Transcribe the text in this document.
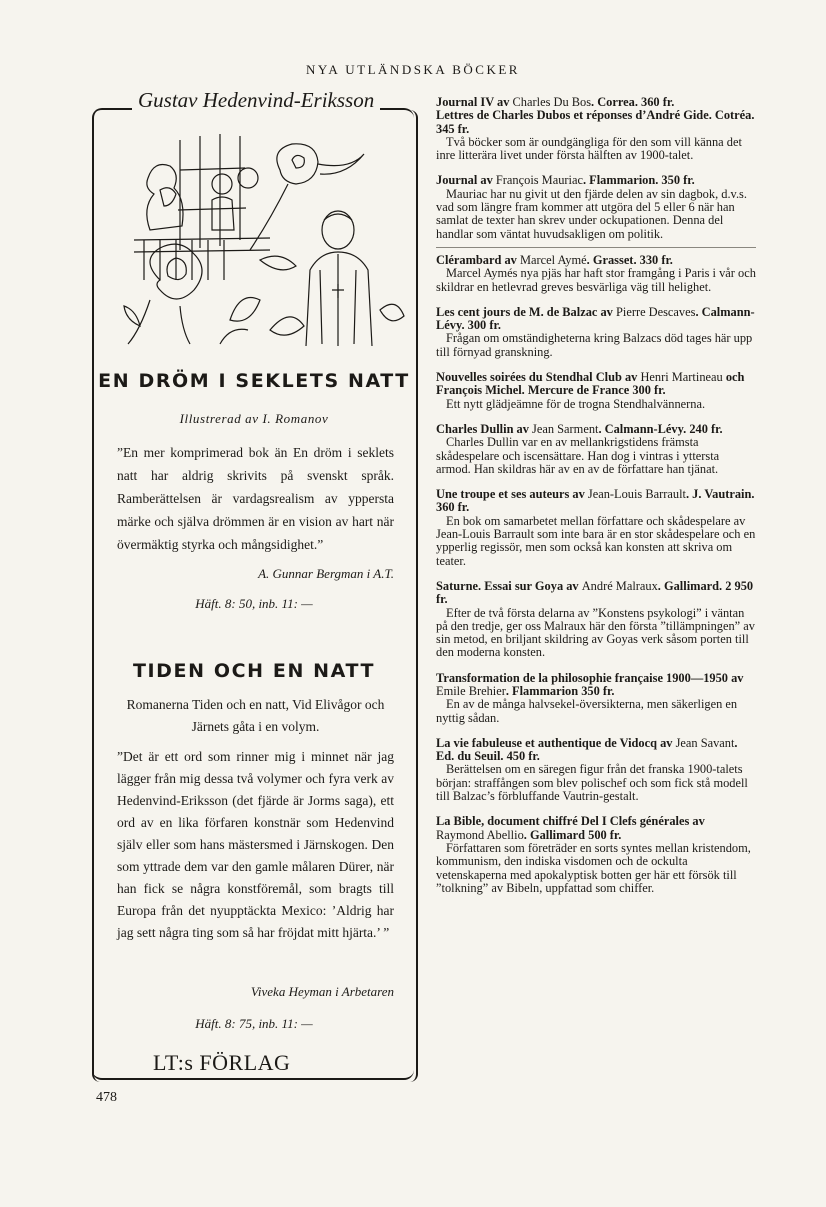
NYA UTLÄNDSKA BÖCKER
Gustav Hedenvind-Eriksson
EN DRÖM I SEKLETS NATT
Illustrerad av I. Romanov
”En mer komprimerad bok än En dröm i seklets natt har aldrig skrivits på svenskt språk. Ramberättelsen är vardagsrealism av yppersta märke och själva drömmen är en vision av hart när övermäktig styrka och mångsidighet.”
A. Gunnar Bergman i A.T.
Häft. 8: 50, inb. 11: —
TIDEN OCH EN NATT
Romanerna Tiden och en natt, Vid Elivågor och Järnets gåta i en volym.
”Det är ett ord som rinner mig i minnet när jag lägger från mig dessa två volymer och fyra verk av Hedenvind-Eriksson (det fjärde är Jorms saga), ett ord av en lika förfaren konstnär som Hedenvind själv eller som hans mästersmed i Järnskogen. Den som yttrade dem var den gamle målaren Dürer, när han fick se några konstföremål, som bragts till Europa från det nyupptäckta Mexico: ’Aldrig har jag sett några ting som så har fröjdat mitt hjärta.’ ”
Viveka Heyman i Arbetaren
Häft. 8: 75, inb. 11: —
LT:s FÖRLAG
Journal IV av Charles Du Bos. Correa. 360 fr.
Lettres de Charles Dubos et réponses d’André Gide. Cotréa. 345 fr.
Två böcker som är oundgängliga för den som vill känna det inre litterära livet under första hälften av 1900-talet.
Journal av François Mauriac. Flammarion. 350 fr.
Mauriac har nu givit ut den fjärde delen av sin dagbok, d.v.s. vad som längre fram kommer att utgöra del 5 eller 6 när han samlat de texter han skrev under ockupationen. Denna del handlar som väntat huvudsakligen om politik.
Clérambard av Marcel Aymé. Grasset. 330 fr.
Marcel Aymés nya pjäs har haft stor framgång i Paris i vår och skildrar en hetlevrad greves besvärliga väg till helighet.
Les cent jours de M. de Balzac av Pierre Descaves. Calmann-Lévy. 300 fr.
Frågan om omständigheterna kring Balzacs död tages här upp till förnyad granskning.
Nouvelles soirées du Stendhal Club av Henri Martineau och François Michel. Mercure de France 300 fr.
Ett nytt glädjeämne för de trogna Stendhalvännerna.
Charles Dullin av Jean Sarment. Calmann-Lévy. 240 fr.
Charles Dullin var en av mellankrigstidens främsta skådespelare och iscensättare. Han dog i vintras i yttersta armod. Han skildras här av en av de författare han tjänat.
Une troupe et ses auteurs av Jean-Louis Barrault. J. Vautrain. 360 fr.
En bok om samarbetet mellan författare och skådespelare av Jean-Louis Barrault som inte bara är en stor skådespelare och en ypperlig regissör, men som också kan konsten att skriva om teater.
Saturne. Essai sur Goya av André Malraux. Gallimard. 2 950 fr.
Efter de två första delarna av ”Konstens psykologi” i väntan på den tredje, ger oss Malraux här den första ”tillämpningen” av sin metod, en briljant skildring av Goyas verk såsom porten till den moderna konsten.
Transformation de la philosophie française 1900—1950 av Emile Brehier. Flammarion 350 fr.
En av de många halvsekel-översikterna, men säkerligen en nyttig sådan.
La vie fabuleuse et authentique de Vidocq av Jean Savant. Ed. du Seuil. 450 fr.
Berättelsen om en säregen figur från det franska 1900-talets början: straffången som blev polischef och som fick stå modell till Balzac’s förbluffande Vautrin-gestalt.
La Bible, document chiffré Del I Clefs générales av Raymond Abellio. Gallimard 500 fr.
Författaren som företräder en sorts syntes mellan kristendom, kommunism, den indiska visdomen och de ockulta vetenskaperna med apokalyptisk botten ger här ett försök till ”tolkning” av Bibeln, uppfattad som chiffer.
478
